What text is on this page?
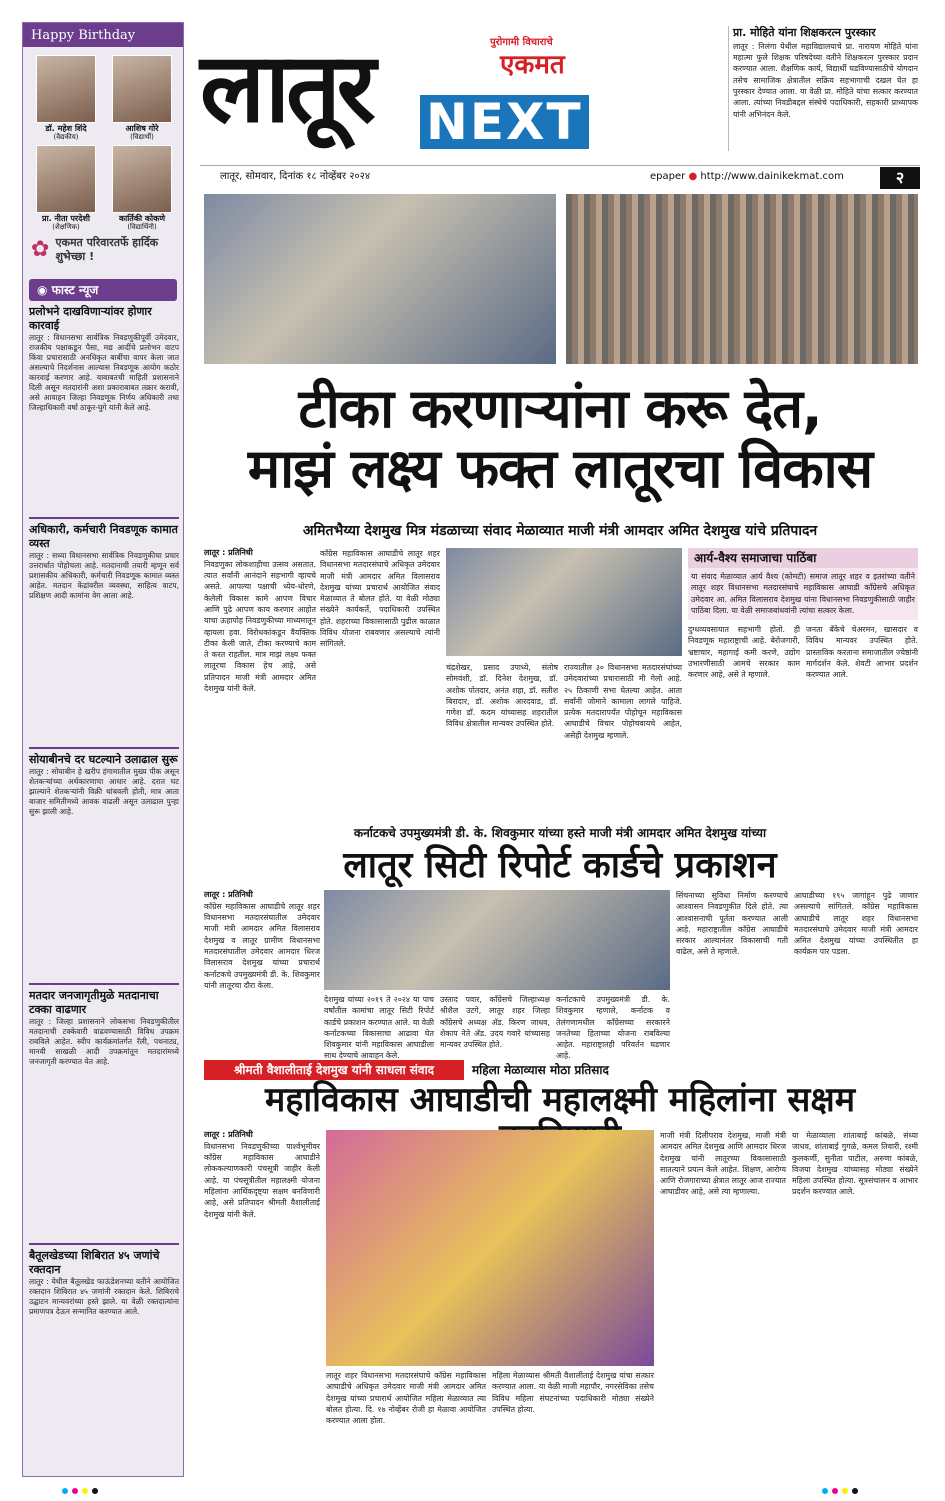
Happy Birthday
डॉ. महेश शिंदे
(वैद्यकीय)
आशिष गोरे
(विद्यार्थी)
प्रा. नीता परदेशी
(शैक्षणिक)
कार्तिकी कोकणे
(विद्यार्थिनी)
✿ एकमत परिवारतर्फे हार्दिक शुभेच्छा !
◉ फास्ट न्यूज
प्रलोभने दाखविणाऱ्यांवर होणार कारवाई
लातूर : विधानसभा सार्वत्रिक निवडणुकीपूर्वी उमेदवार, राजकीय पक्षाकडून पैसा, मद्य आदींचे प्रलोभन वाटप किंवा प्रचारासाठी अनधिकृत बाबींचा वापर केला जात असल्याचे निदर्शनास आल्यास निवडणूक आयोग कठोर कारवाई करणार आहे. याबाबतची माहिती प्रशासनाने दिली असून मतदारांनी अशा प्रकाराबाबत तक्रार करावी, असे आवाहन जिल्हा निवडणूक निर्णय अधिकारी तथा जिल्हाधिकारी वर्षा ठाकूर-घुगे यांनी केले आहे.
अधिकारी, कर्मचारी निवडणूक कामात व्यस्त
लातूर : सध्या विधानसभा सार्वत्रिक निवडणुकीचा प्रचार उत्तरार्धात पोहोचला आहे. मतदानाची तयारी म्हणून सर्व प्रशासकीय अधिकारी, कर्मचारी निवडणूक कामात व्यस्त आहेत. मतदान केंद्रांवरील व्यवस्था, साहित्य वाटप, प्रशिक्षण आदी कामांना वेग आला आहे.
सोयाबीनचे दर घटल्याने उलाढाल सुरू
लातूर : सोयाबीन हे खरीप हंगामातील मुख्य पीक असून शेतकऱ्यांच्या अर्थकारणाचा आधार आहे. दरात घट झाल्याने शेतकऱ्यांनी विक्री थांबवली होती, मात्र आता बाजार समितीमध्ये आवक वाढली असून उलाढाल पुन्हा सुरू झाली आहे.
मतदार जनजागृतीमुळे मतदानाचा टक्का वाढणार
लातूर : जिल्हा प्रशासनाने लोकसभा निवडणुकीतील मतदानाची टक्केवारी वाढवण्यासाठी विविध उपक्रम राबविले आहेत. स्वीप कार्यक्रमांतर्गत रॅली, पथनाट्य, मानवी साखळी आदी उपक्रमांतून मतदारांमध्ये जनजागृती करण्यात येत आहे.
बैतूलखेडच्या शिबिरात ४५ जणांचे रक्तदान
लातूर : येथील बैतूलखेड फाऊंडेशनच्या वतीने आयोजित रक्तदान शिबिरात ४५ जणांनी रक्तदान केले. शिबिराचे उद्घाटन मान्यवरांच्या हस्ते झाले. या वेळी रक्तदात्यांना प्रमाणपत्र देऊन सन्मानित करण्यात आले.
लातूर	पुरोगामी विचाराचे
एकमत
NEXT
लातूर, सोमवार, दिनांक १८ नोव्हेंबर २०२४	epaper ● http://www.dainikekmat.com	२
प्रा. मोहिते यांना शिक्षकरत्न पुरस्कार
लातूर : निलंगा येथील महाविद्यालयाचे प्रा. नारायण मोहिते यांना महात्मा फुले शिक्षक परिषदेच्या वतीने शिक्षकरत्न पुरस्कार प्रदान करण्यात आला. शैक्षणिक कार्य, विद्यार्थी घडविण्यासाठीचे योगदान तसेच सामाजिक क्षेत्रातील सक्रिय सहभागाची दखल घेत हा पुरस्कार देण्यात आला. या वेळी प्रा. मोहिते यांचा सत्कार करण्यात आला. त्यांच्या निवडीबद्दल संस्थेचे पदाधिकारी, सहकारी प्राध्यापक यांनी अभिनंदन केले.
टीका करणाऱ्यांना करू देत,
माझं लक्ष्य फक्त लातूरचा विकास
अमितभैय्या देशमुख मित्र मंडळाच्या संवाद मेळाव्यात माजी मंत्री आमदार अमित देशमुख यांचे प्रतिपादन
लातूर : प्रतिनिधी
निवडणुका लोकशाहीचा उत्सव असतात. त्यात सर्वांनी आनंदाने सहभागी व्हायचे असते. आपल्या पक्षाची ध्येय-धोरणे, केलेली विकास कामे आपण विचार आणि पुढे आपण काय करणार आहोत याचा ऊहापोह निवडणुकीच्या माध्यमातून व्हायला हवा. विरोधकांकडून वैयक्तिक टीका केली जाते, टीका करण्याचे काम ते करत राहतील. मात्र माझं लक्ष्य फक्त लातूरचा विकास हेच आहे, असे प्रतिपादन माजी मंत्री आमदार अमित देशमुख यांनी केले.
काँग्रेस महाविकास आघाडीचे लातूर शहर विधानसभा मतदारसंघाचे अधिकृत उमेदवार माजी मंत्री आमदार अमित विलासराव देशमुख यांच्या प्रचारार्थ आयोजित संवाद मेळाव्यात ते बोलत होते. या वेळी मोठ्या संख्येने कार्यकर्ते, पदाधिकारी उपस्थित होते. शहराच्या विकासासाठी पुढील काळात विविध योजना राबवणार असल्याचे त्यांनी सांगितले.
चंद्रशेखर, प्रसाद उपाध्ये, संतोष सोमवंशी, डॉ. दिनेश देशमुख, डॉ. अशोक पोतदार, अनंत शहा, डॉ. सतीश बिरादार, डॉ. अशोक आरदवाड, डॉ. गणेश डॉ. कदम यांच्यासह शहरातील विविध क्षेत्रातील मान्यवर उपस्थित होते.
राज्यातील ३० विधानसभा मतदारसंघांच्या उमेदवारांच्या प्रचारासाठी मी गेलो आहे. २५ ठिकाणी सभा घेतल्या आहेत. आता सर्वांनी जोमाने कामाला लागले पाहिजे. प्रत्येक मतदारापर्यंत पोहोचून महाविकास आघाडीचे विचार पोहोचवायचे आहेत, असेही देशमुख म्हणाले.
आर्य-वैश्य समाजाचा पाठिंबा
या संवाद मेळाव्यात आर्य वैश्य (कोमटी) समाज लातूर शहर व इतरांच्या वतीने लातूर शहर विधानसभा मतदारसंघाचे महाविकास आघाडी काँग्रेसचे अधिकृत उमेदवार आ. अमित विलासराव देशमुख यांना विधानसभा निवडणुकीसाठी जाहीर पाठिंबा दिला. या वेळी समाजबांधवांनी त्यांचा सत्कार केला.
दुग्धव्यवसायात सहभागी होतो. ही निवडणूक महाराष्ट्राची आहे. बेरोजगारी, भ्रष्टाचार, महागाई कमी करणे, उद्योग उभारणीसाठी आमचे सरकार काम करणार आहे, असे ते म्हणाले.
जनता बँकेचे चेअरमन, खासदार व विविध मान्यवर उपस्थित होते. प्रास्ताविक करताना समाजातील ज्येष्ठांनी मार्गदर्शन केले. शेवटी आभार प्रदर्शन करण्यात आले.
कर्नाटकचे उपमुख्यमंत्री डी. के. शिवकुमार यांच्या हस्ते माजी मंत्री आमदार अमित देशमुख यांच्या
लातूर सिटी रिपोर्ट कार्डचे प्रकाशन
लातूर : प्रतिनिधी
काँग्रेस महाविकास आघाडीचे लातूर शहर विधानसभा मतदारसंघातील उमेदवार माजी मंत्री आमदार अमित विलासराव देशमुख व लातूर ग्रामीण विधानसभा मतदारसंघातील उमेदवार आमदार धिरज विलासराव देशमुख यांच्या प्रचारार्थ कर्नाटकचे उपमुख्यमंत्री डी. के. शिवकुमार यांनी लातूरचा दौरा केला.
देशमुख यांच्या २०१९ ते २०२४ या पाच वर्षांतील कामांचा लातूर सिटी रिपोर्ट कार्डचे प्रकाशन करण्यात आले. या वेळी कर्नाटकच्या विकासाचा आढावा घेत शिवकुमार यांनी महाविकास आघाडीला साथ देण्याचे आवाहन केले.
उस्ताद पवार, काँग्रेसचे जिल्हाध्यक्ष श्रीशैल उटगे, लातूर शहर जिल्हा काँग्रेसचे अध्यक्ष अ‍ॅड. किरण जाधव, शेकाप नेते अ‍ॅड. उदय गवारे यांच्यासह मान्यवर उपस्थित होते.
कर्नाटकाचे उपमुख्यमंत्री डी. के. शिवकुमार म्हणाले, कर्नाटक व तेलंगणामधील काँग्रेसच्या सरकारने जनतेच्या हिताच्या योजना राबविल्या आहेत. महाराष्ट्रातही परिवर्तन घडणार आहे.
सिंचनाच्या सुविधा निर्माण करण्याचे आश्वासन निवडणुकीत दिले होते. त्या आश्वासनाची पूर्तता करण्यात आली आहे. महाराष्ट्रातील काँग्रेस आघाडीचे सरकार आल्यानंतर विकासाची गती वाढेल, असे ते म्हणाले.
आघाडीच्या १९५ जागांहून पुढे जाणार असल्याचे सांगितले. काँग्रेस महाविकास आघाडीचे लातूर शहर विधानसभा मतदारसंघाचे उमेदवार माजी मंत्री आमदार अमित देशमुख यांच्या उपस्थितीत हा कार्यक्रम पार पडला.
श्रीमती वैशालीताई देशमुख यांनी साधला संवाद	महिला मेळाव्यास मोठा प्रतिसाद
महाविकास आघाडीची महालक्ष्मी महिलांना सक्षम
लातूर : प्रतिनिधी
विधानसभा निवडणुकीच्या पार्श्वभूमीवर काँग्रेस महाविकास आघाडीने लोककल्याणकारी पंचसूत्री जाहीर केली आहे. या पंचसूत्रीतील महालक्ष्मी योजना महिलांना आर्थिकदृष्ट्या सक्षम बनविणारी आहे, असे प्रतिपादन श्रीमती वैशालीताई देशमुख यांनी केले.
लातूर शहर विधानसभा मतदारसंघाचे काँग्रेस महाविकास आघाडीचे अधिकृत उमेदवार माजी मंत्री आमदार अमित देशमुख यांच्या प्रचारार्थ आयोजित महिला मेळाव्यात त्या बोलत होत्या. दि. १७ नोव्हेंबर रोजी हा मेळावा आयोजित करण्यात आला होता.
महिला मेळाव्यास श्रीमती वैशालीताई देशमुख यांचा सत्कार करण्यात आला. या वेळी माजी महापौर, नगरसेविका तसेच विविध महिला संघटनांच्या पदाधिकारी मोठ्या संख्येने उपस्थित होत्या.
माजी मंत्री दिलीपराव देशमुख, माजी मंत्री आमदार अमित देशमुख आणि आमदार धिरज देशमुख यांनी लातूरच्या विकासासाठी सातत्याने प्रयत्न केले आहेत. शिक्षण, आरोग्य आणि रोजगाराच्या क्षेत्रात लातूर आज राज्यात आघाडीवर आहे, असे त्या म्हणाल्या.
या मेळाव्याला शांताबाई कांबळे, संध्या जाधव, शांताबाई गुगळे, कमल तिवारी, रश्मी कुलकर्णी, सुनीता पाटील, अरुणा कांबळे, विजया देशमुख यांच्यासह मोठ्या संख्येने महिला उपस्थित होत्या. सूत्रसंचालन व आभार प्रदर्शन करण्यात आले.
